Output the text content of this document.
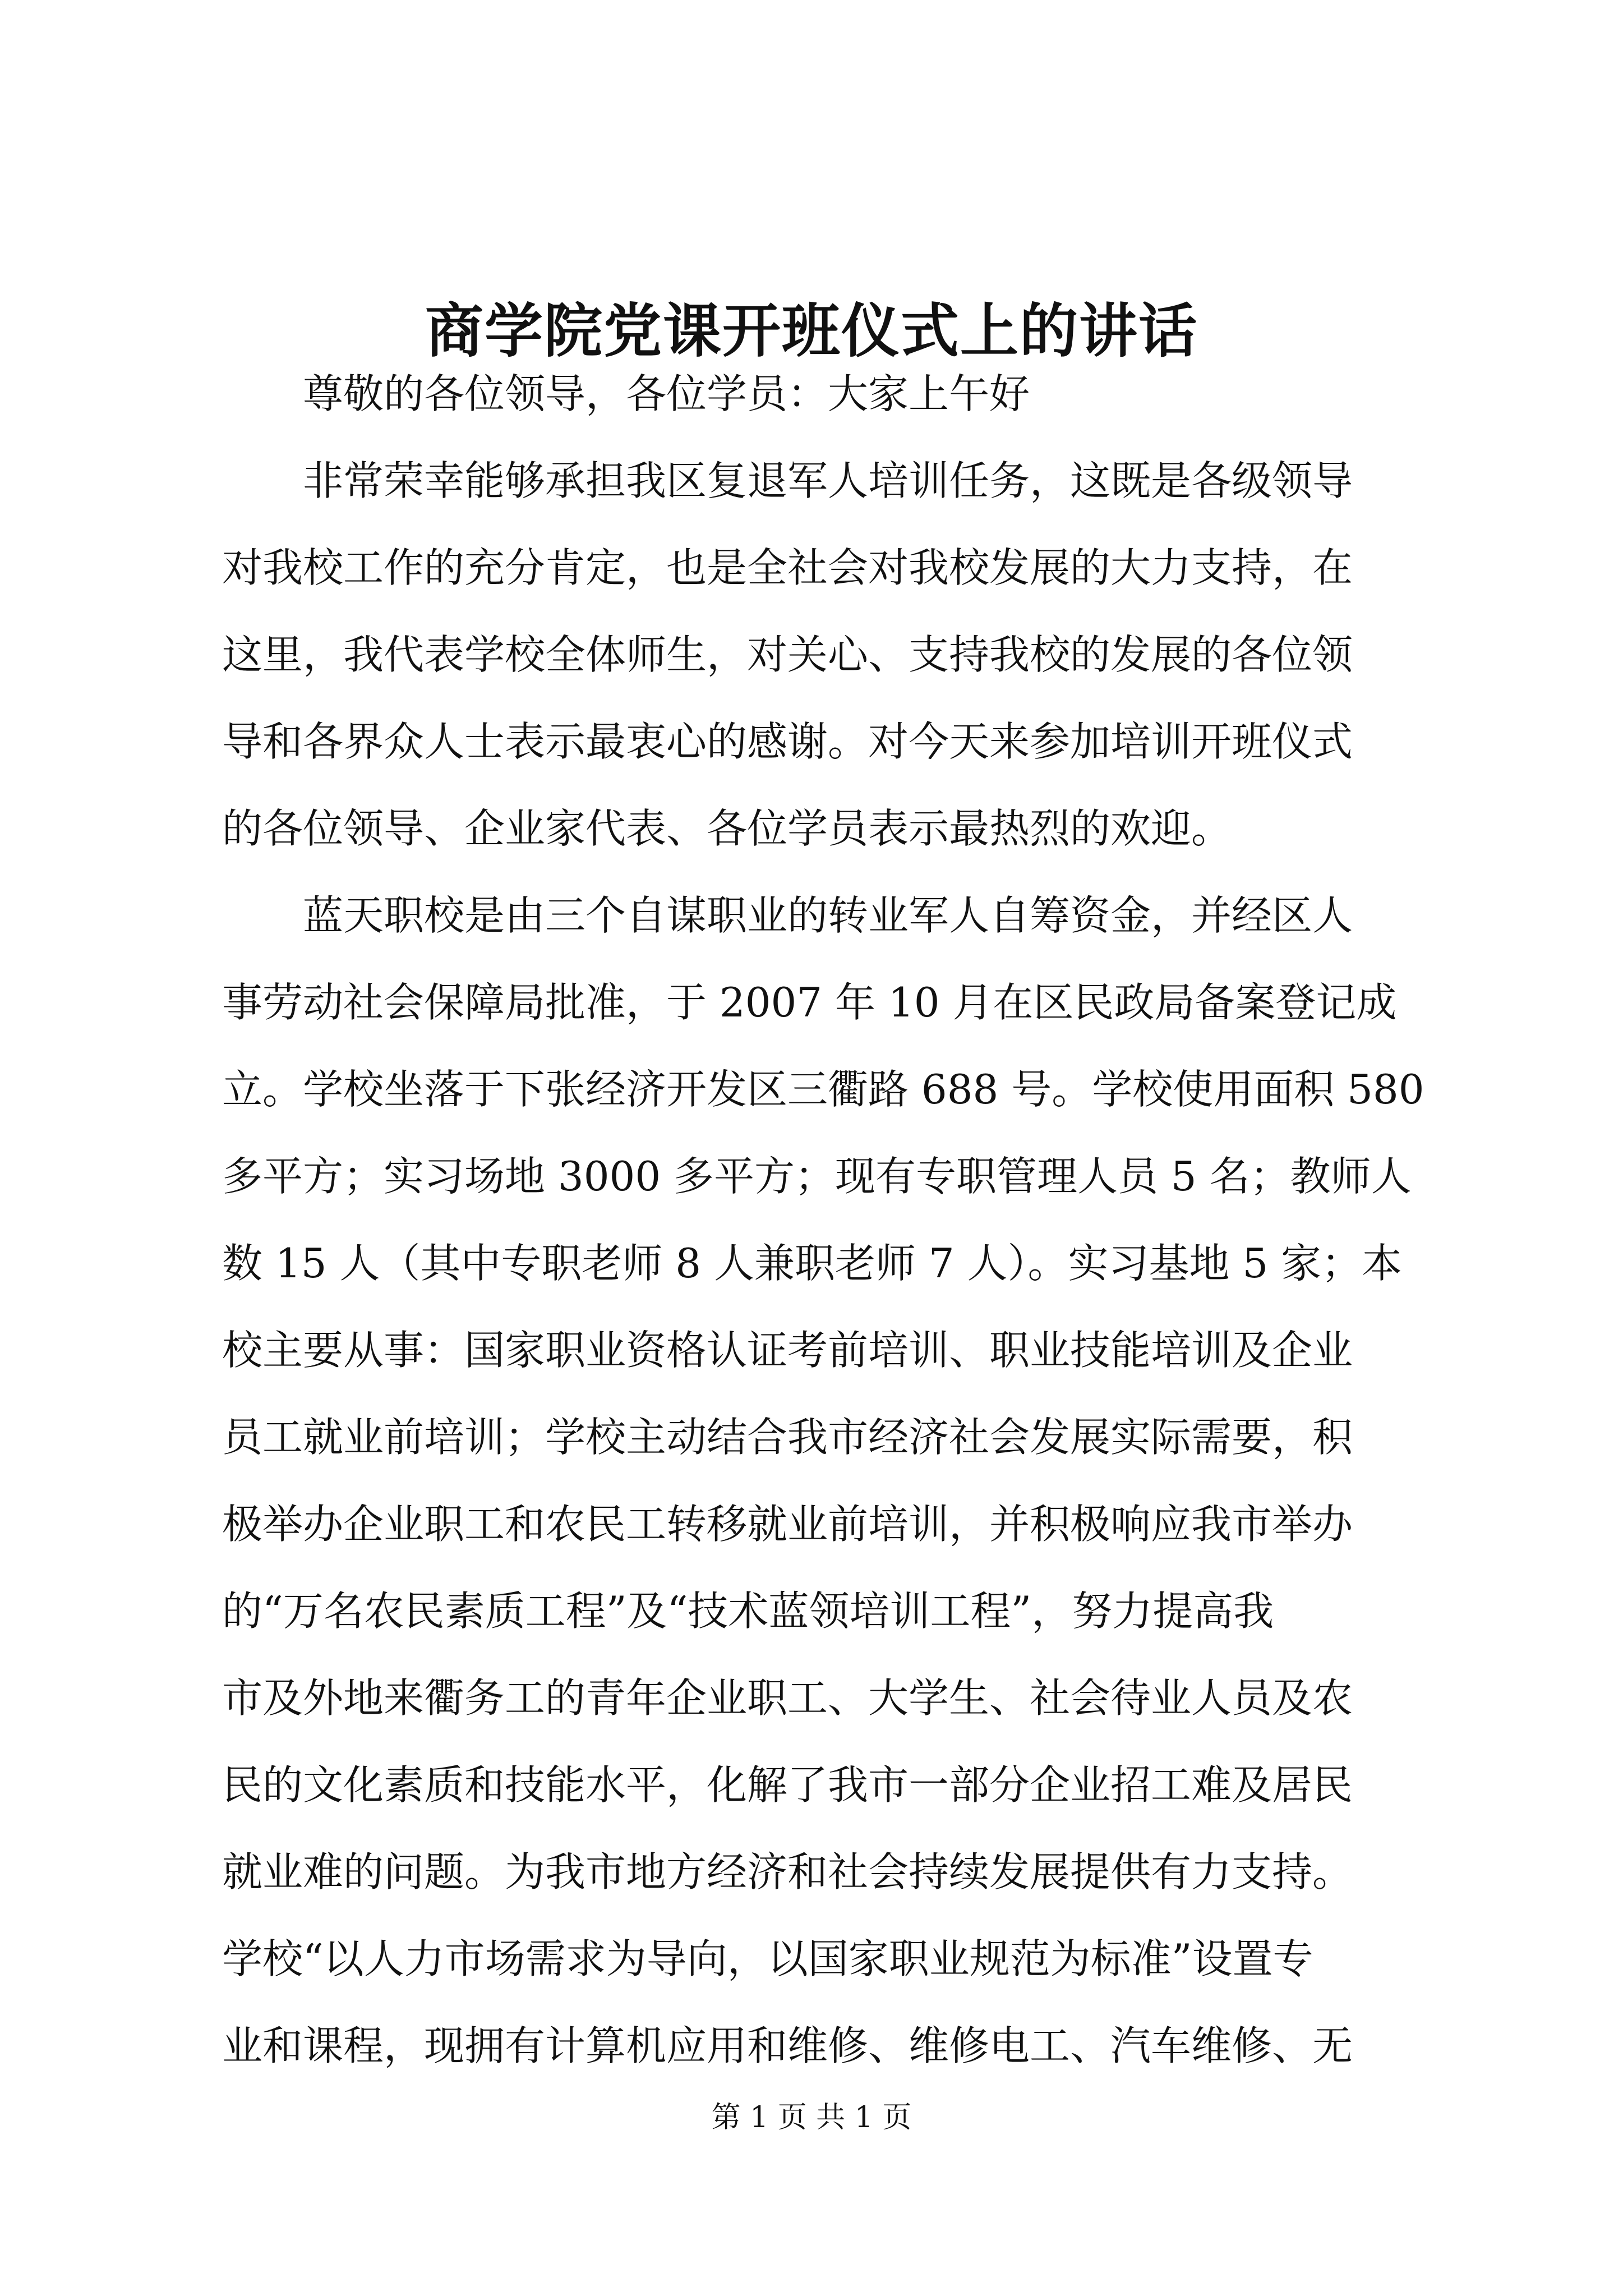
商学院党课开班仪式上的讲话
尊敬的各位领导，各位学员：大家上午好
非常荣幸能够承担我区复退军人培训任务，这既是各级领导
对我校工作的充分肯定，也是全社会对我校发展的大力支持，在
这里，我代表学校全体师生，对关心、支持我校的发展的各位领
导和各界众人士表示最衷心的感谢。对今天来参加培训开班仪式
的各位领导、企业家代表、各位学员表示最热烈的欢迎。
蓝天职校是由三个自谋职业的转业军人自筹资金，并经区人
事劳动社会保障局批准，于 2007 年 10 月在区民政局备案登记成
立。学校坐落于下张经济开发区三衢路 688 号。学校使用面积 580
多平方；实习场地 3000 多平方；现有专职管理人员 5 名；教师人
数 15 人（其中专职老师 8 人兼职老师 7 人）。实习基地 5 家；本
校主要从事：国家职业资格认证考前培训、职业技能培训及企业
员工就业前培训；学校主动结合我市经济社会发展实际需要，积
极举办企业职工和农民工转移就业前培训，并积极响应我市举办
的“万名农民素质工程”及“技术蓝领培训工程”，努力提高我
市及外地来衢务工的青年企业职工、大学生、社会待业人员及农
民的文化素质和技能水平，化解了我市一部分企业招工难及居民
就业难的问题。为我市地方经济和社会持续发展提供有力支持。
学校“以人力市场需求为导向，以国家职业规范为标准”设置专
业和课程，现拥有计算机应用和维修、维修电工、汽车维修、无
第 1 页 共 1 页
